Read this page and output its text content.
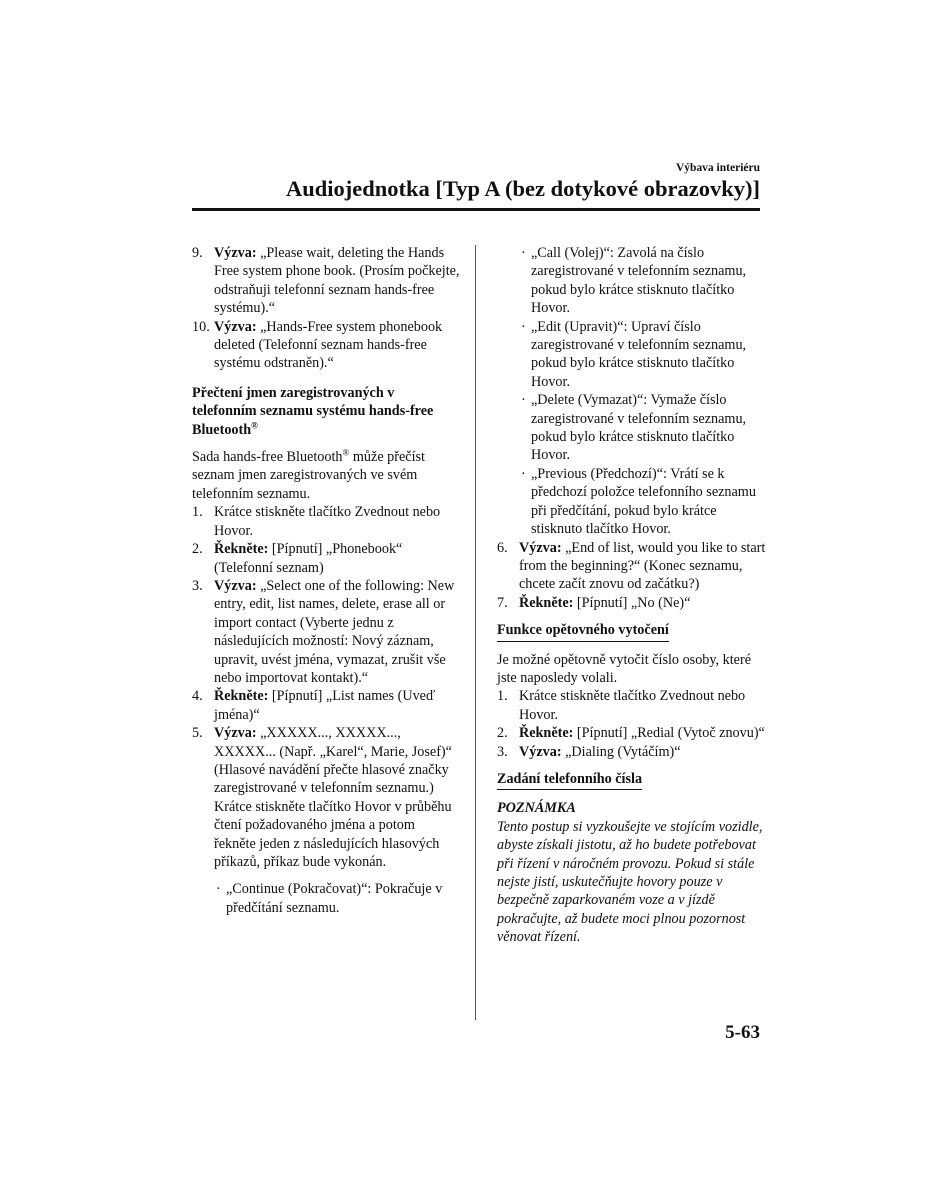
Výbava interiéru
Audiojednotka [Typ A (bez dotykové obrazovky)]
9. Výzva: „Please wait, deleting the Hands Free system phone book. (Prosím počkejte, odstraňuji telefonní seznam hands-free systému).“
10. Výzva: „Hands-Free system phonebook deleted (Telefonní seznam hands-free systému odstraněn).“
Přečtení jmen zaregistrovaných v telefonním seznamu systému hands-free Bluetooth®

Sada hands-free Bluetooth® může přečíst seznam jmen zaregistrovaných ve svém telefonním seznamu.

1. Krátce stiskněte tlačítko Zvednout nebo Hovor.
2. Řekněte: [Pípnutí] „Phonebook“ (Telefonní seznam)
3. Výzva: „Select one of the following: New entry, edit, list names, delete, erase all or import contact (Vyberte jednu z následujících možností: Nový záznam, upravit, uvést jména, vymazat, zrušit vše nebo importovat kontakt).“
4. Řekněte: [Pípnutí] „List names (Uveď jména)“
5. Výzva: „XXXXX..., XXXXX..., XXXXX... (Např. „Karel“, Marie, Josef)“ (Hlasové navádění přečte hlasové značky zaregistrované v telefonním seznamu.) Krátce stiskněte tlačítko Hovor v průběhu čtení požadovaného jména a potom řekněte jeden z následujících hlasových příkazů, příkaz bude vykonán.
· „Continue (Pokračovat)“: Pokračuje v předčítání seznamu.
· „Call (Volej)“: Zavolá na číslo zaregistrované v telefonním seznamu, pokud bylo krátce stisknuto tlačítko Hovor.
· „Edit (Upravit)“: Upraví číslo zaregistrované v telefonním seznamu, pokud bylo krátce stisknuto tlačítko Hovor.
· „Delete (Vymazat)“: Vymaže číslo zaregistrované v telefonním seznamu, pokud bylo krátce stisknuto tlačítko Hovor.
· „Previous (Předchozí)“: Vrátí se k předchozí položce telefonního seznamu při předčítání, pokud bylo krátce stisknuto tlačítko Hovor.
6. Výzva: „End of list, would you like to start from the beginning?“ (Konec seznamu, chcete začít znovu od začátku?)
7. Řekněte: [Pípnutí] „No (Ne)“
Funkce opětovného vytočení

Je možné opětovně vytočit číslo osoby, které jste naposledy volali.

1. Krátce stiskněte tlačítko Zvednout nebo Hovor.
2. Řekněte: [Pípnutí] „Redial (Vytoč znovu)“
3. Výzva: „Dialing (Vytáčím)“
Zadání telefonního čísla
POZNÁMKA

Tento postup si vyzkoušejte ve stojícím vozidle, abyste získali jistotu, až ho budete potřebovat při řízení v náročném provozu. Pokud si stále nejste jistí, uskutečňujte hovory pouze v bezpečně zaparkovaném voze a v jízdě pokračujte, až budete moci plnou pozornost věnovat řízení.

5-63
